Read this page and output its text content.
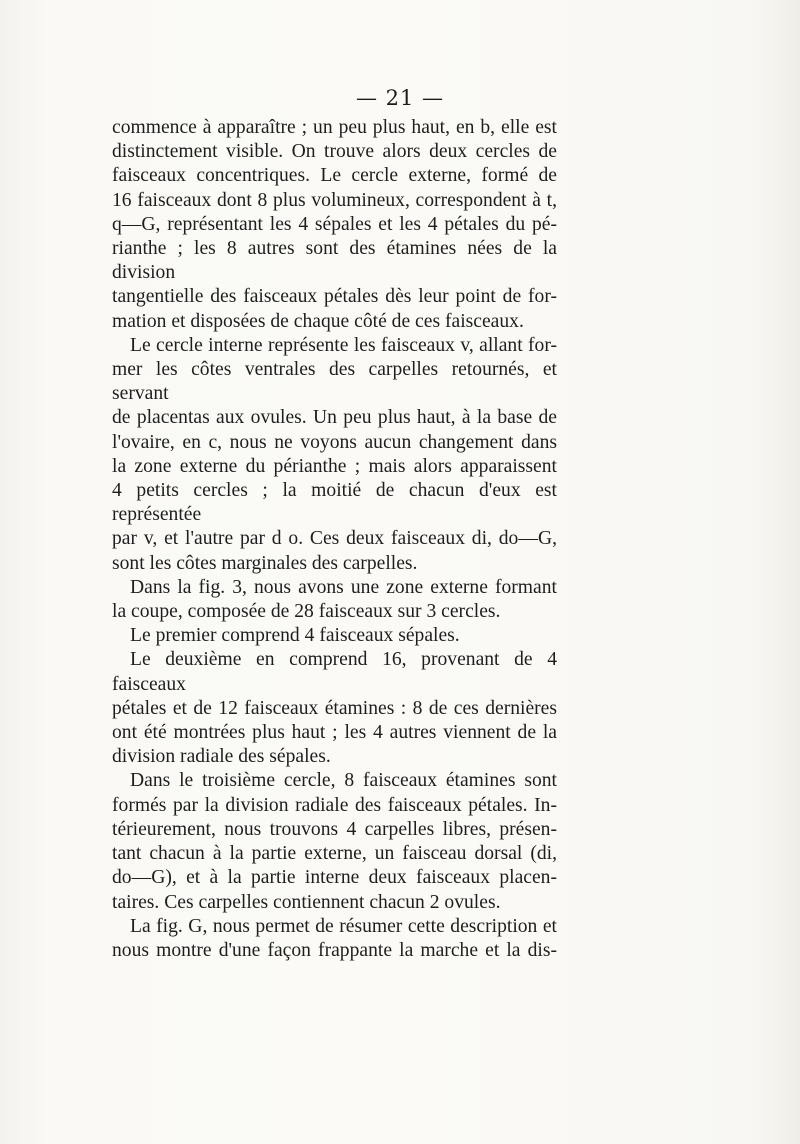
— 21 —

commence à apparaître ; un peu plus haut, en b, elle est

distinctement visible. On trouve alors deux cercles de

faisceaux concentriques. Le cercle externe, formé de

16 faisceaux dont 8 plus volumineux, correspondent à t,

q—G, représentant les 4 sépales et les 4 pétales du pé-

rianthe ; les 8 autres sont des étamines nées de la division

tangentielle des faisceaux pétales dès leur point de for-

mation et disposées de chaque côté de ces faisceaux.

Le cercle interne représente les faisceaux v, allant for-

mer les côtes ventrales des carpelles retournés, et servant

de placentas aux ovules. Un peu plus haut, à la base de

l'ovaire, en c, nous ne voyons aucun changement dans

la zone externe du périanthe ; mais alors apparaissent

4 petits cercles ; la moitié de chacun d'eux est représentée

par v, et l'autre par d o. Ces deux faisceaux di, do—G,

sont les côtes marginales des carpelles.

Dans la fig. 3, nous avons une zone externe formant

la coupe, composée de 28 faisceaux sur 3 cercles.

Le premier comprend 4 faisceaux sépales.

Le deuxième en comprend 16, provenant de 4 faisceaux

pétales et de 12 faisceaux étamines : 8 de ces dernières

ont été montrées plus haut ; les 4 autres viennent de la

division radiale des sépales.

Dans le troisième cercle, 8 faisceaux étamines sont

formés par la division radiale des faisceaux pétales. In-

térieurement, nous trouvons 4 carpelles libres, présen-

tant chacun à la partie externe, un faisceau dorsal (di,

do—G), et à la partie interne deux faisceaux placen-

taires. Ces carpelles contiennent chacun 2 ovules.

La fig. G, nous permet de résumer cette description et

nous montre d'une façon frappante la marche et la dis-
